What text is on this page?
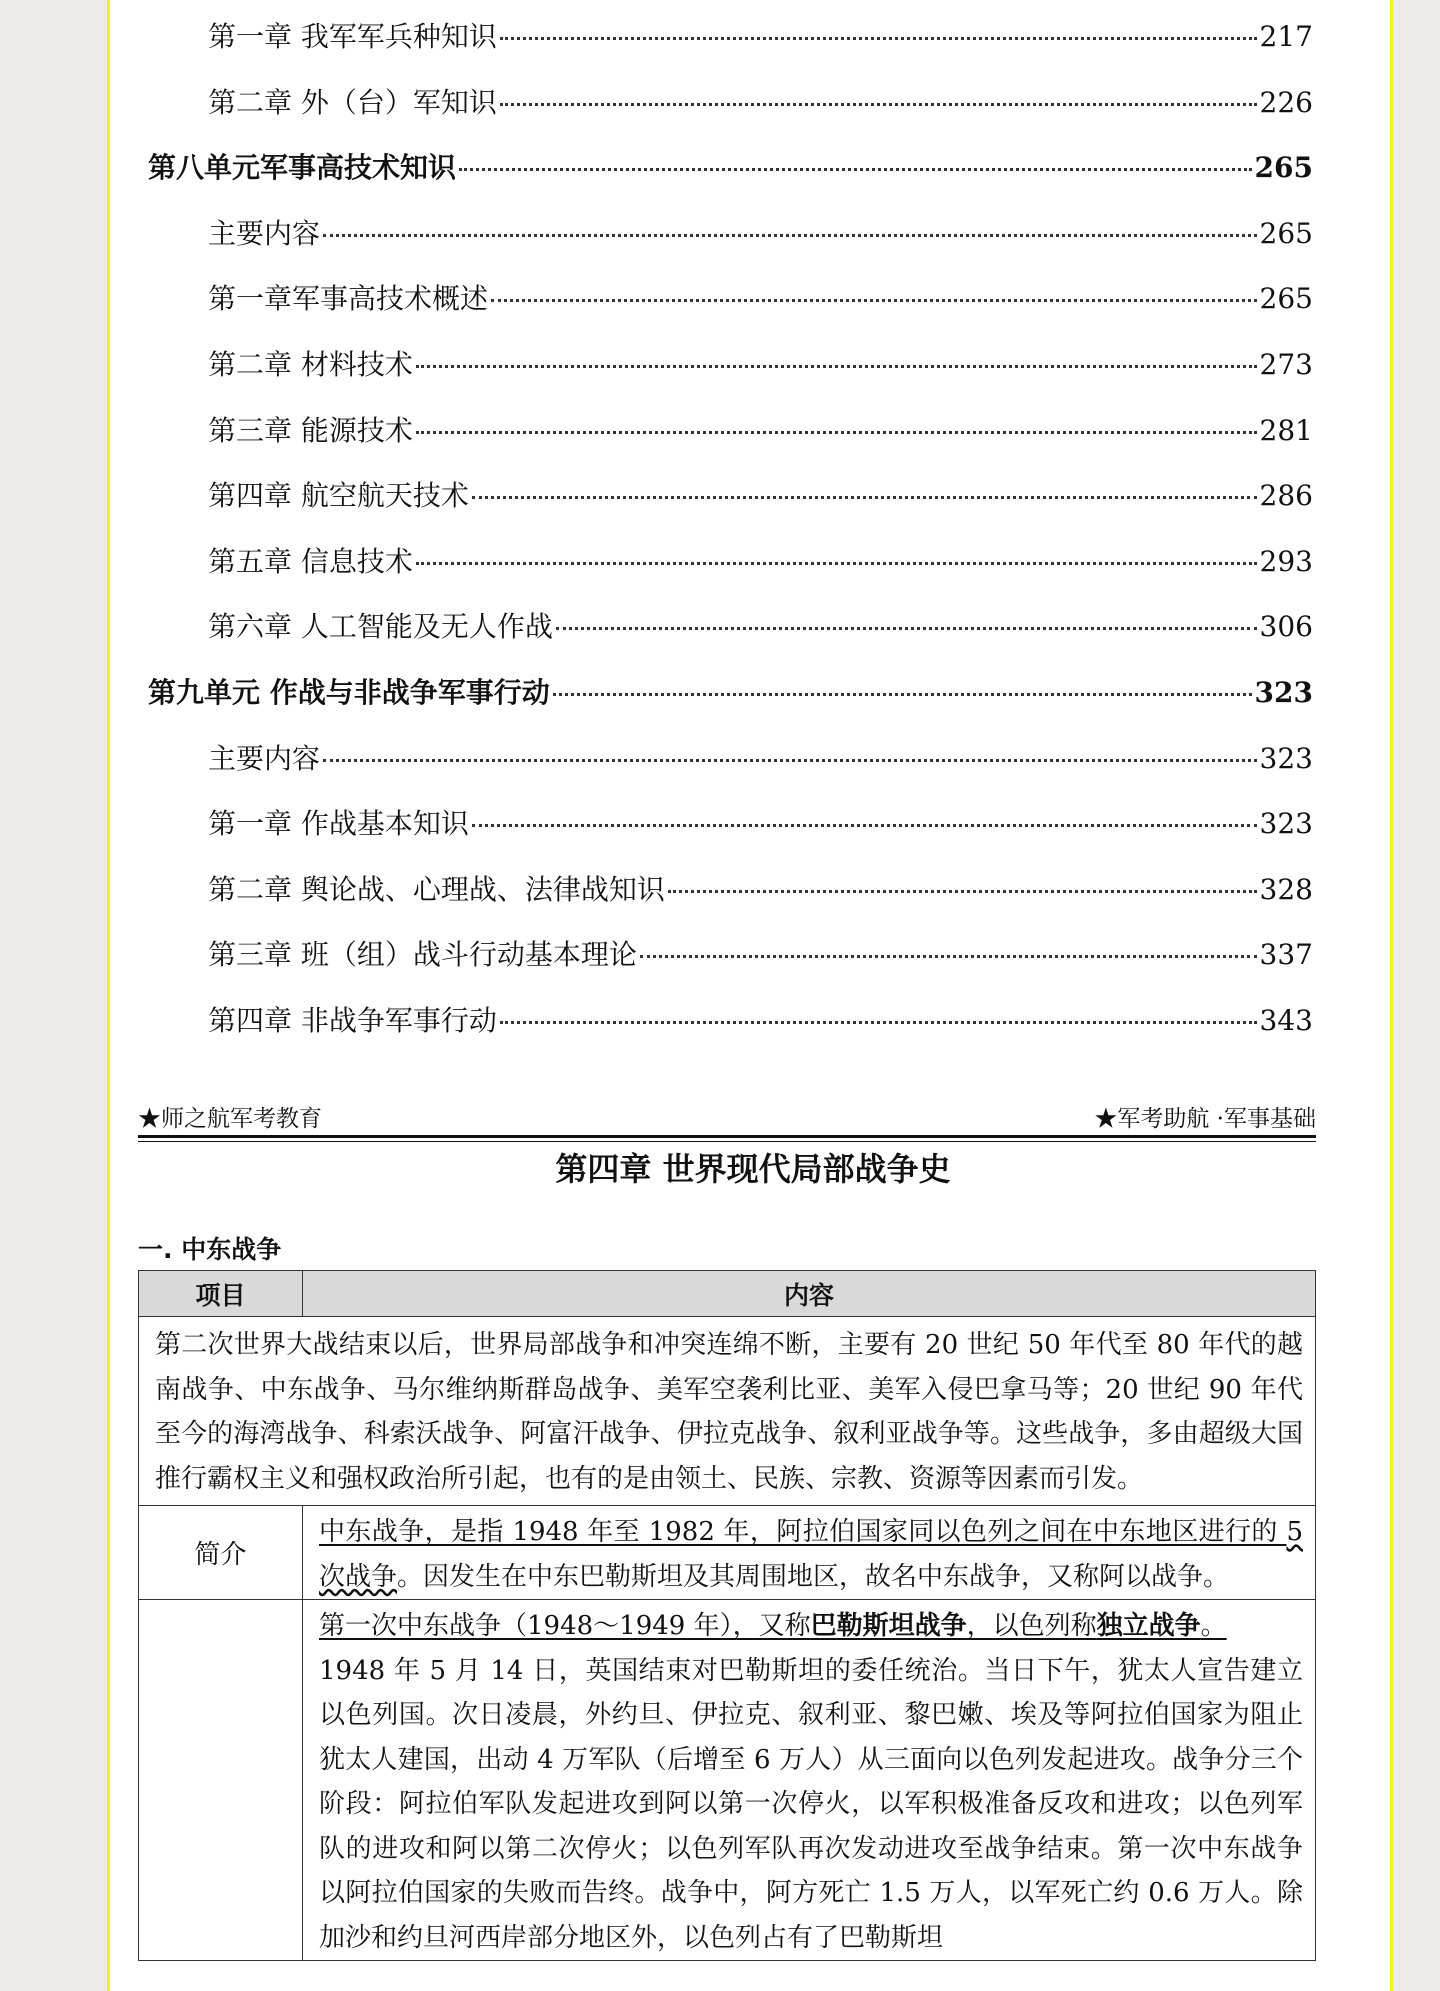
第一章 我军军兵种知识	217
第二章 外（台）军知识	226
第八单元军事高技术知识	265
主要内容	265
第一章军事高技术概述	265
第二章 材料技术	273
第三章 能源技术	281
第四章 航空航天技术	286
第五章 信息技术	293
第六章 人工智能及无人作战	306
第九单元 作战与非战争军事行动	323
主要内容	323
第一章 作战基本知识	323
第二章 舆论战、心理战、法律战知识	328
第三章 班（组）战斗行动基本理论	337
第四章 非战争军事行动	343
★师之航军考教育	★军考助航 ·军事基础
第四章 世界现代局部战争史
一. 中东战争
项目	内容
第二次世界大战结束以后，世界局部战争和冲突连绵不断，主要有 20 世纪 50 年代至 80 年代的越南战争、中东战争、马尔维纳斯群岛战争、美军空袭利比亚、美军入侵巴拿马等；20 世纪 90 年代至今的海湾战争、科索沃战争、阿富汗战争、伊拉克战争、叙利亚战争等。这些战争，多由超级大国推行霸权主义和强权政治所引起，也有的是由领土、民族、宗教、资源等因素而引发。	
简介	中东战争，是指 1948 年至 1982 年，阿拉伯国家同以色列之间在中东地区进行的 5 次战争。因发生在中东巴勒斯坦及其周围地区，故名中东战争，又称阿以战争。

	第一次中东战争（1948～1949 年），又称巴勒斯坦战争，以色列称独立战争。
1948 年 5 月 14 日，英国结束对巴勒斯坦的委任统治。当日下午，犹太人宣告建立以色列国。次日凌晨，外约旦、伊拉克、叙利亚、黎巴嫩、埃及等阿拉伯国家为阻止犹太人建国，出动 4 万军队（后增至 6 万人）从三面向以色列发起进攻。战争分三个阶段：阿拉伯军队发起进攻到阿以第一次停火，以军积极准备反攻和进攻；以色列军队的进攻和阿以第二次停火；以色列军队再次发动进攻至战争结束。第一次中东战争以阿拉伯国家的失败而告终。战争中，阿方死亡 1.5 万人，以军死亡约 0.6 万人。除加沙和约旦河西岸部分地区外，以色列占有了巴勒斯坦
